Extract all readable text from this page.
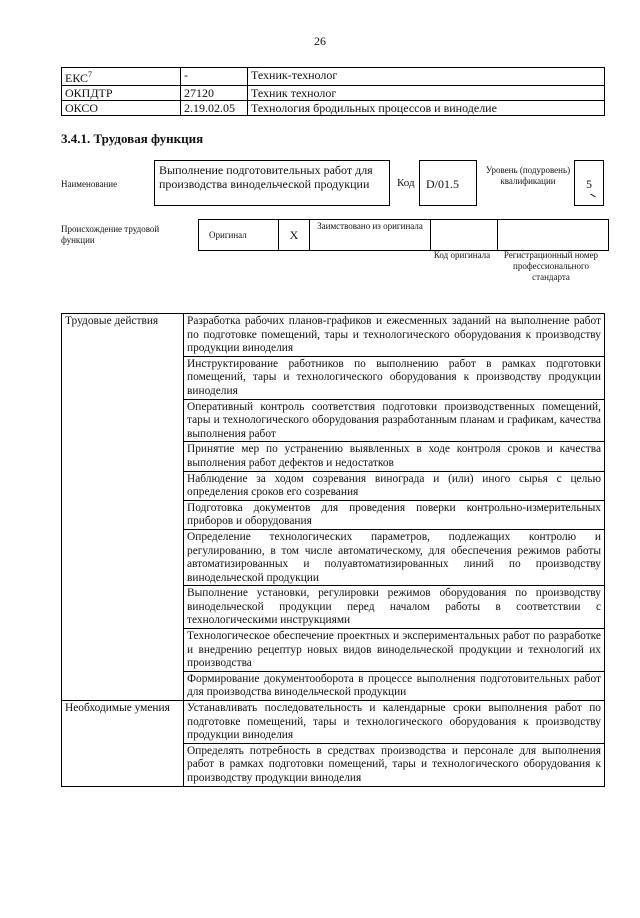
26
ЕКС$^7$	-	Техник-технолог
ОКПДТР	27120	Техник технолог
ОКСО	2.19.02.05	Технология бродильных процессов и виноделие
3.4.1. Трудовая функция
Наименование
Выполнение подготовительных работ для производства винодельческой продукции	Код D/01.5
Уровень (подуровень) квалификации	5
Происхождение трудовой функции	Оригинал	X	Заимствовано из оригинала		
Код оригинала	Регистрационный номер профессионального стандарта
Трудовые действия	Разработка рабочих планов-графиков и ежесменных заданий на выполнение работ по подготовке помещений, тары и технологического оборудования к производству продукции виноделия
	Инструктирование работников по выполнению работ в рамках подготовки помещений, тары и технологического оборудования к производству продукции виноделия
	Оперативный контроль соответствия подготовки производственных помещений, тары и технологического оборудования разработанным планам и графикам, качества выполнения работ
	Принятие мер по устранению выявленных в ходе контроля сроков и качества выполнения работ дефектов и недостатков
	Наблюдение за ходом созревания винограда и (или) иного сырья с целью определения сроков его созревания
	Подготовка документов для проведения поверки контрольно-измерительных приборов и оборудования
	Определение технологических параметров, подлежащих контролю и регулированию, в том числе автоматическому, для обеспечения режимов работы автоматизированных и полуавтоматизированных линий по производству винодельческой продукции
	Выполнение установки, регулировки режимов оборудования по производству винодельческой продукции перед началом работы в соответствии с технологическими инструкциями
	Технологическое обеспечение проектных и экспериментальных работ по разработке и внедрению рецептур новых видов винодельческой продукции и технологий их производства
	Формирование документооборота в процессе выполнения подготовительных работ для производства винодельческой продукции
Необходимые умения	Устанавливать последовательность и календарные сроки выполнения работ по подготовке помещений, тары и технологического оборудования к производству продукции виноделия
	Определять потребность в средствах производства и персонале для выполнения работ в рамках подготовки помещений, тары и технологического оборудования к производству продукции виноделия
